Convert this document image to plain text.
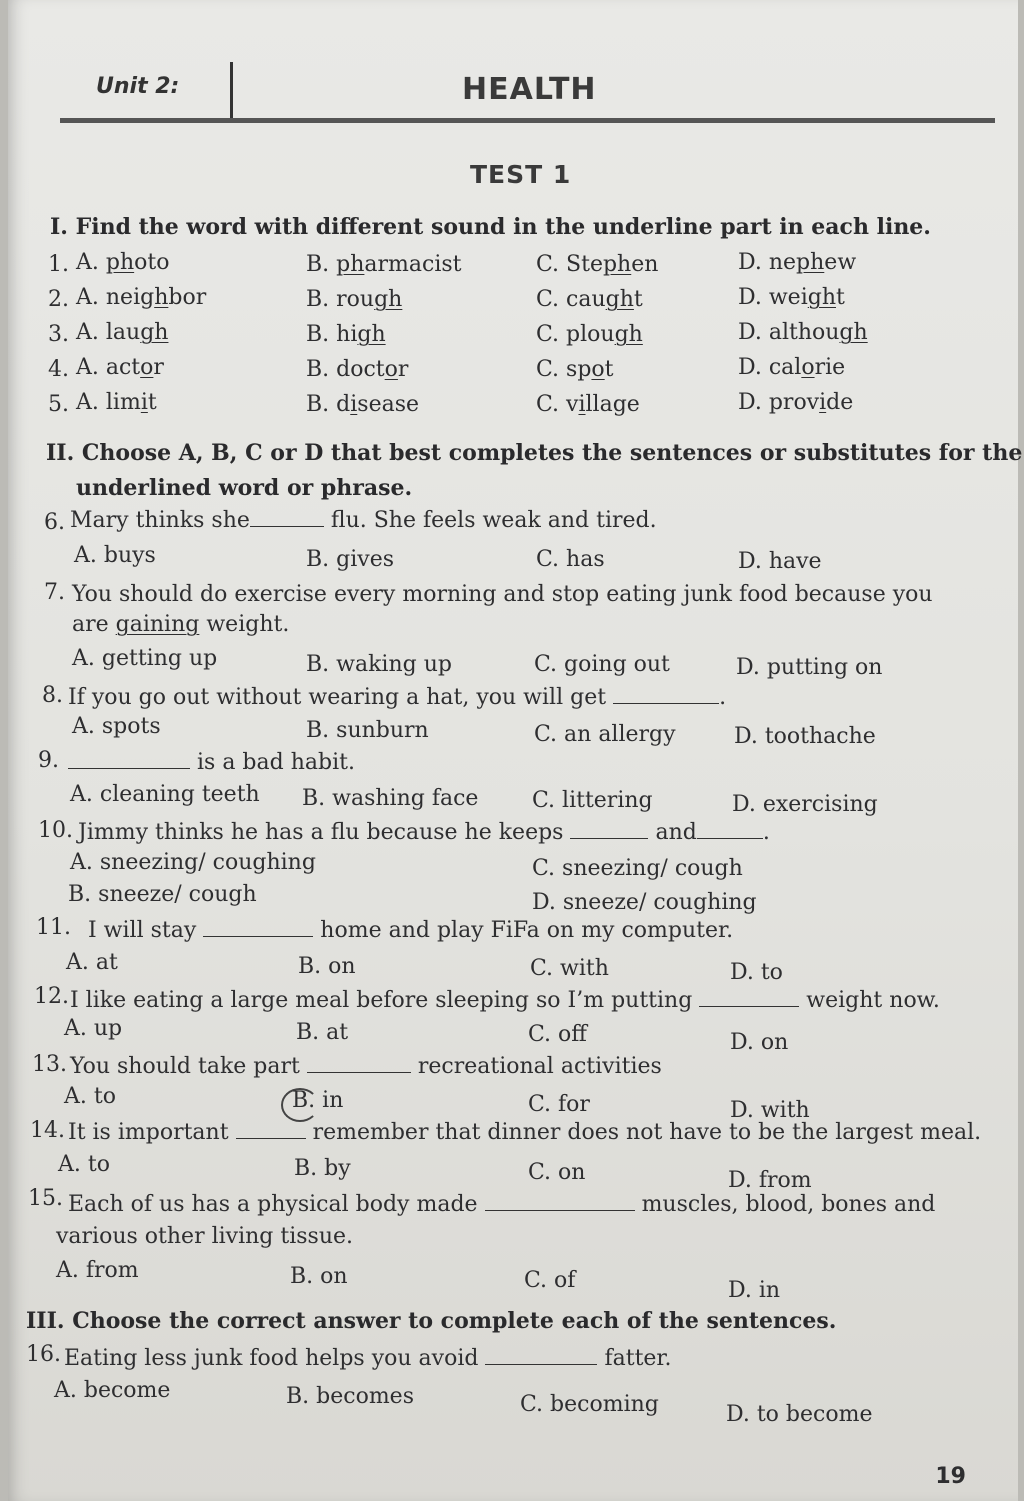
Unit 2:	HEALTH
TEST 1
I. Find the word with different sound in the underline part in each line.
1. A. photo	B. pharmacist	C. Stephen	D. nephew
2. A. neighbor	B. rough	C. caught	D. weight
3. A. laugh	B. high	C. plough	D. although
4. A. actor	B. doctor	C. spot	D. calorie
5. A. limit	B. disease	C. village	D. provide
II. Choose A, B, C or D that best completes the sentences or substitutes for the
underlined word or phrase.
6. Mary thinks she	flu. She feels weak and tired.
A. buys	B. gives	C. has	D. have
7. You should do exercise every morning and stop eating junk food because you
are gaining weight.
A. getting up	B. waking up	C. going out	D. putting on
8. If you go out without wearing a hat, you will get	.
A. spots	B. sunburn	C. an allergy	D. toothache
9.	is a bad habit.
A. cleaning teeth B. washing face C. littering	D. exercising
10. Jimmy thinks he has a flu because he keeps	and	.
A. sneezing/ coughing	C. sneezing/ cough
B. sneeze/ cough	D. sneeze/ coughing
11. I will stay	home and play FiFa on my computer.
A. at	B. on	C. with	D. to
12. I like eating a large meal before sleeping so I’m putting	weight now.
A. up	B. at	C. off	D. on
13. You should take part	recreational activities
A. to	B. in	C. for	D. with
14. It is important	remember that dinner does not have to be the largest meal.
A. to	B. by	C. on	D. from
15. Each of us has a physical body made	muscles, blood, bones and
various other living tissue.
A. from	B. on	C. of	D. in
III. Choose the correct answer to complete each of the sentences.
16. Eating less junk food helps you avoid	fatter.
A. become	B. becomes	C. becoming	D. to become
19
